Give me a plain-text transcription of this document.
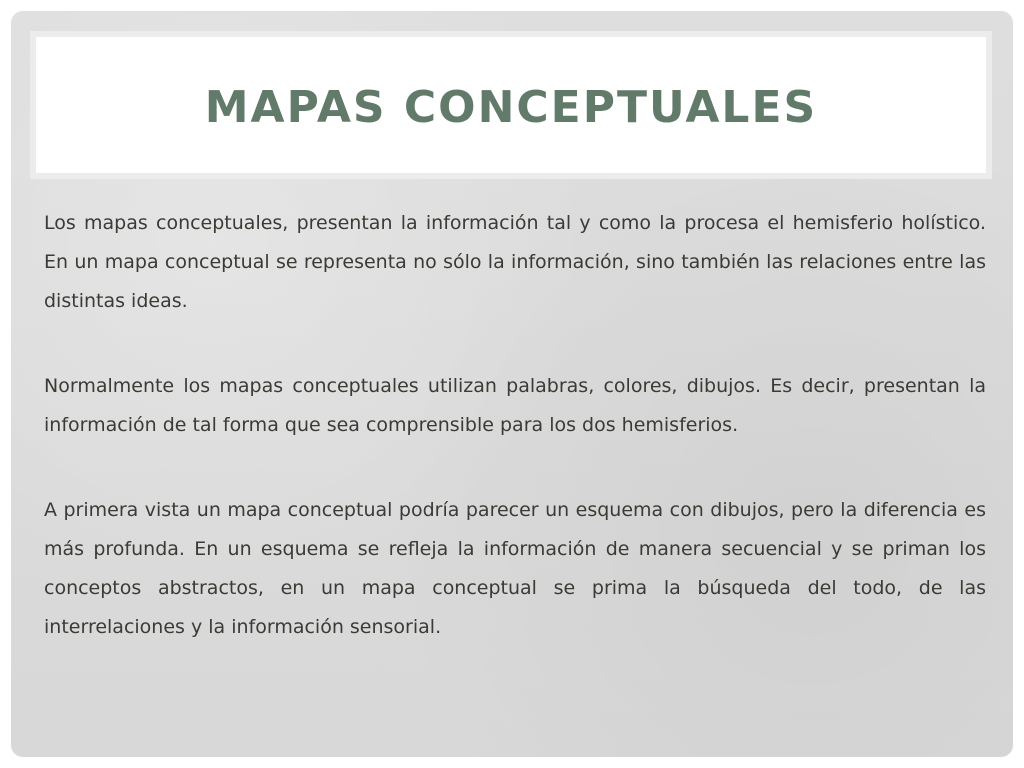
MAPAS CONCEPTUALES

Los mapas conceptuales, presentan la información tal y como la procesa el hemisferio holístico. En un mapa conceptual se representa no sólo la información, sino también las relaciones entre las distintas ideas.

Normalmente los mapas conceptuales utilizan palabras, colores, dibujos. Es decir, presentan la información de tal forma que sea comprensible para los dos hemisferios.

A primera vista un mapa conceptual podría parecer un esquema con dibujos, pero la diferencia es más profunda. En un esquema se refleja la información de manera secuencial y se priman los conceptos abstractos, en un mapa conceptual se prima la búsqueda del todo, de las interrelaciones y la información sensorial.
